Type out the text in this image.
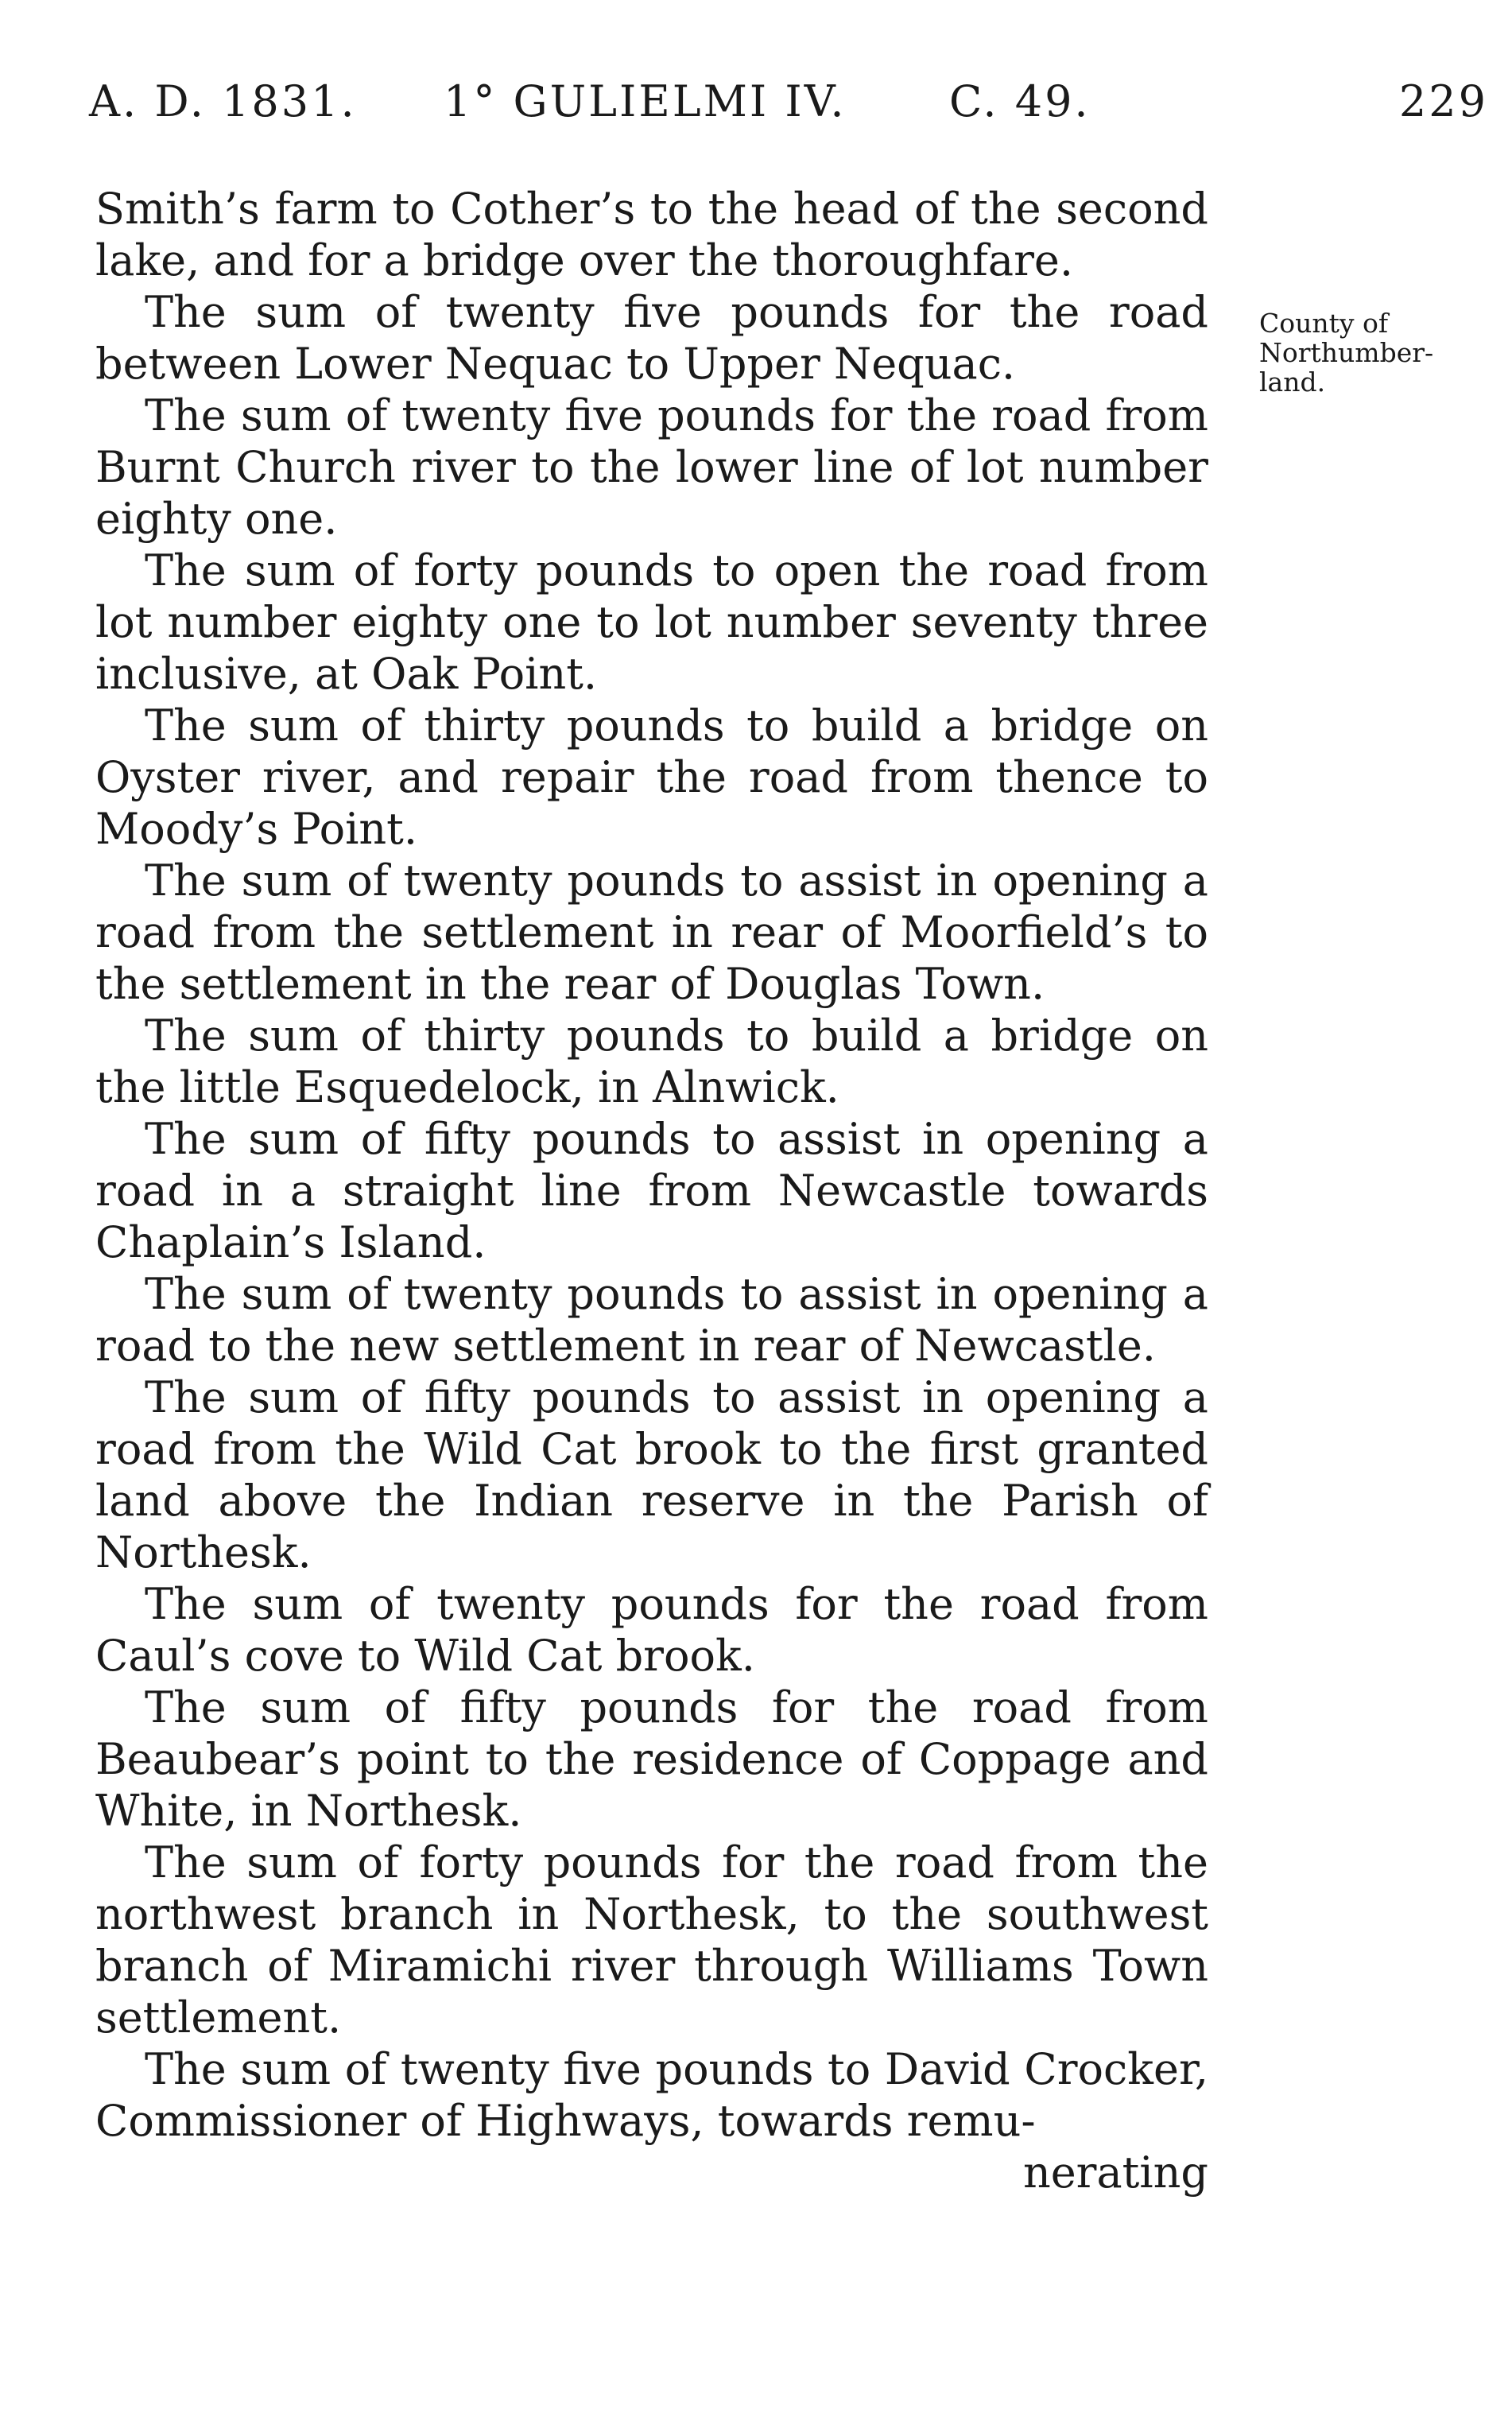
A. D. 1831. 1° GULIELMI IV. C. 49.	229

Smith’s farm to Cother’s to the head of the second lake, and for a bridge over the thoroughfare.

The sum of twenty five pounds for the road between Lower Nequac to Upper Nequac.

The sum of twenty five pounds for the road from Burnt Church river to the lower line of lot number eighty one.

The sum of forty pounds to open the road from lot number eighty one to lot number seventy three inclusive, at Oak Point.

The sum of thirty pounds to build a bridge on Oyster river, and repair the road from thence to Moody’s Point.

The sum of twenty pounds to assist in opening a road from the settlement in rear of Moorfield’s to the settlement in the rear of Douglas Town.

The sum of thirty pounds to build a bridge on the little Esquedelock, in Alnwick.

The sum of fifty pounds to assist in opening a road in a straight line from Newcastle towards Chaplain’s Island.

The sum of twenty pounds to assist in opening a road to the new settlement in rear of Newcastle.

The sum of fifty pounds to assist in opening a road from the Wild Cat brook to the first granted land above the Indian reserve in the Parish of Northesk.

The sum of twenty pounds for the road from Caul’s cove to Wild Cat brook.

The sum of fifty pounds for the road from Beaubear’s point to the residence of Coppage and White, in Northesk.

The sum of forty pounds for the road from the northwest branch in Northesk, to the southwest branch of Miramichi river through Williams Town settlement.

The sum of twenty five pounds to David Crocker, Commissioner of Highways, towards remu-

nerating

County of
Northumber-
land.
